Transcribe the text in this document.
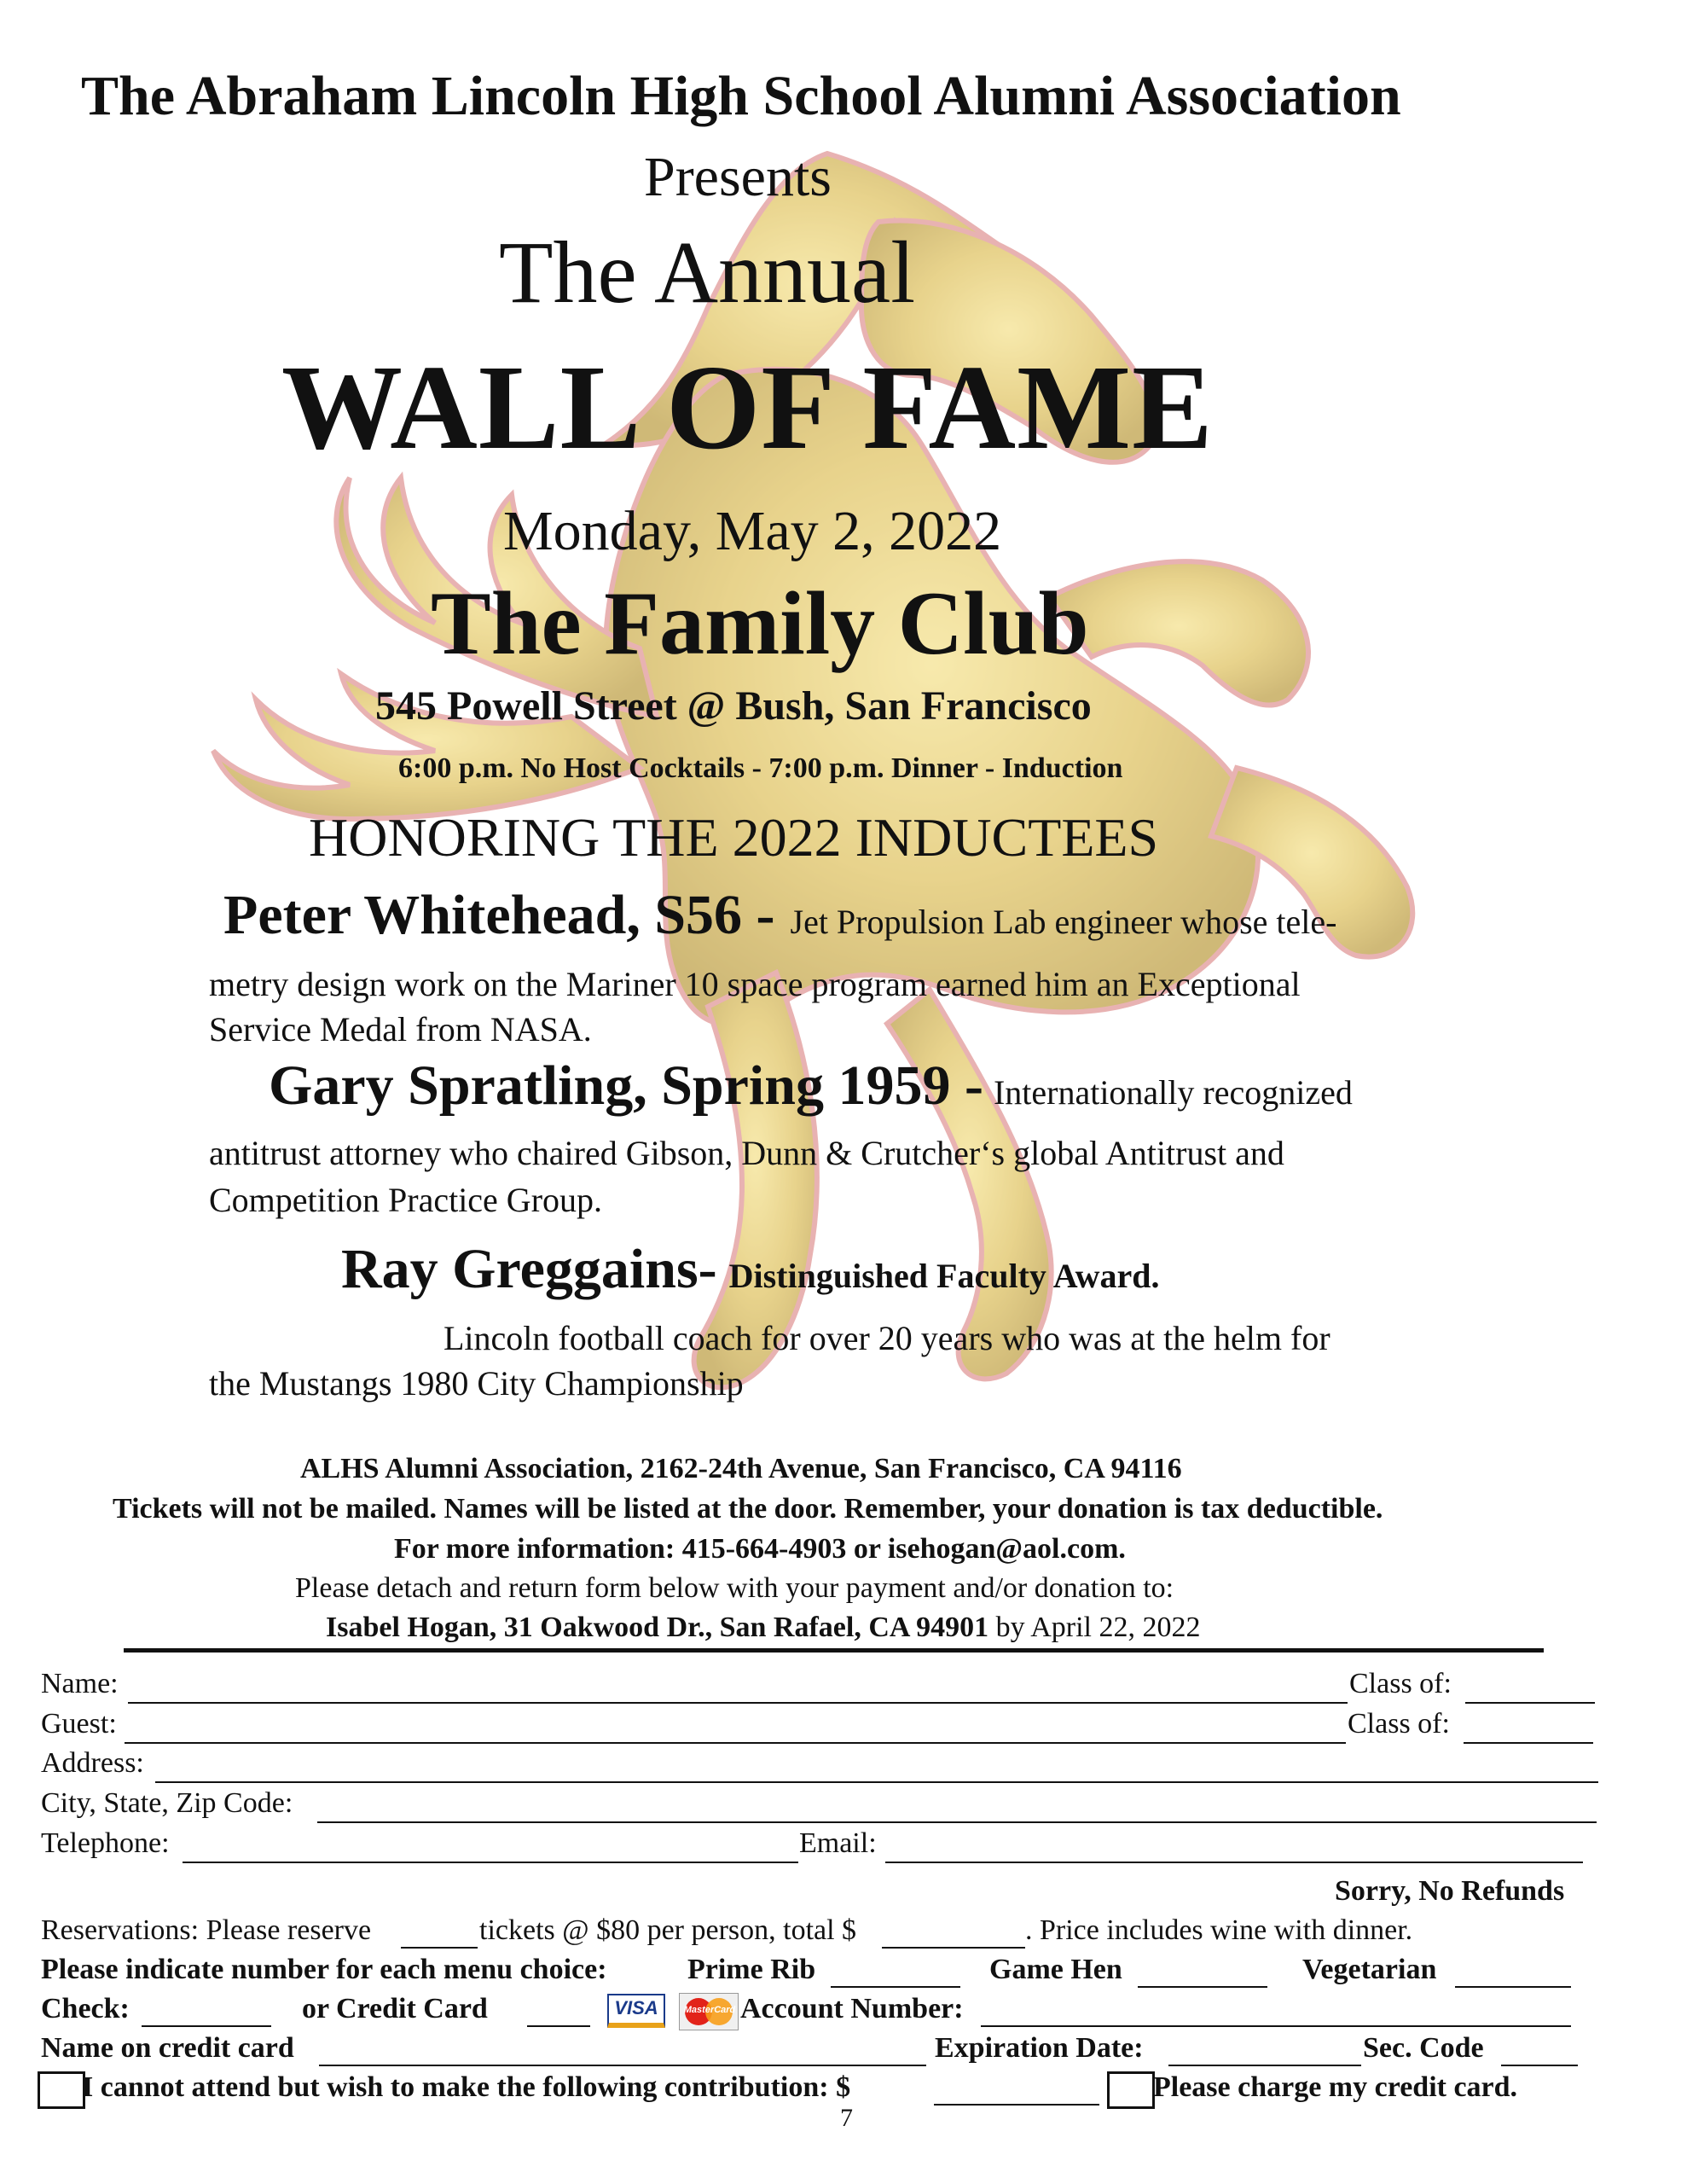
The Abraham Lincoln High School Alumni Association
Presents
The Annual
WALL OF FAME
Monday, May 2, 2022
The Family Club
545 Powell Street @ Bush, San Francisco
6:00 p.m. No Host Cocktails - 7:00 p.m. Dinner - Induction
HONORING THE 2022 INDUCTEES
Peter Whitehead, S56 - Jet Propulsion Lab engineer whose tele-
metry design work on the Mariner 10 space program earned him an Exceptional
Service Medal from NASA.
Gary Spratling, Spring 1959 - Internationally recognized
antitrust attorney who chaired Gibson, Dunn & Crutcher‘s global Antitrust and
Competition Practice Group.
Ray Greggains- Distinguished Faculty Award.
Lincoln football coach for over 20 years who was at the helm for
the Mustangs 1980 City Championship
ALHS Alumni Association, 2162-24th Avenue, San Francisco, CA 94116
Tickets will not be mailed. Names will be listed at the door. Remember, your donation is tax deductible.
For more information: 415-664-4903 or isehogan@aol.com.
Please detach and return form below with your payment and/or donation to:
Isabel Hogan, 31 Oakwood Dr., San Rafael, CA 94901 by April 22, 2022
Name:	Class of:
Guest:	Class of:
Address:
City, State, Zip Code:
Telephone:	Email:
Sorry, No Refunds
Reservations: Please reserve	tickets @ $80 per person, total $	. Price includes wine with dinner.
Please indicate number for each menu choice:	Prime Rib	Game Hen	Vegetarian
Check:	or Credit Card	VISA	MasterCard Account Number:
Name on credit card	Expiration Date:	Sec. Code
I cannot attend but wish to make the following contribution: $	Please charge my credit card.
7
